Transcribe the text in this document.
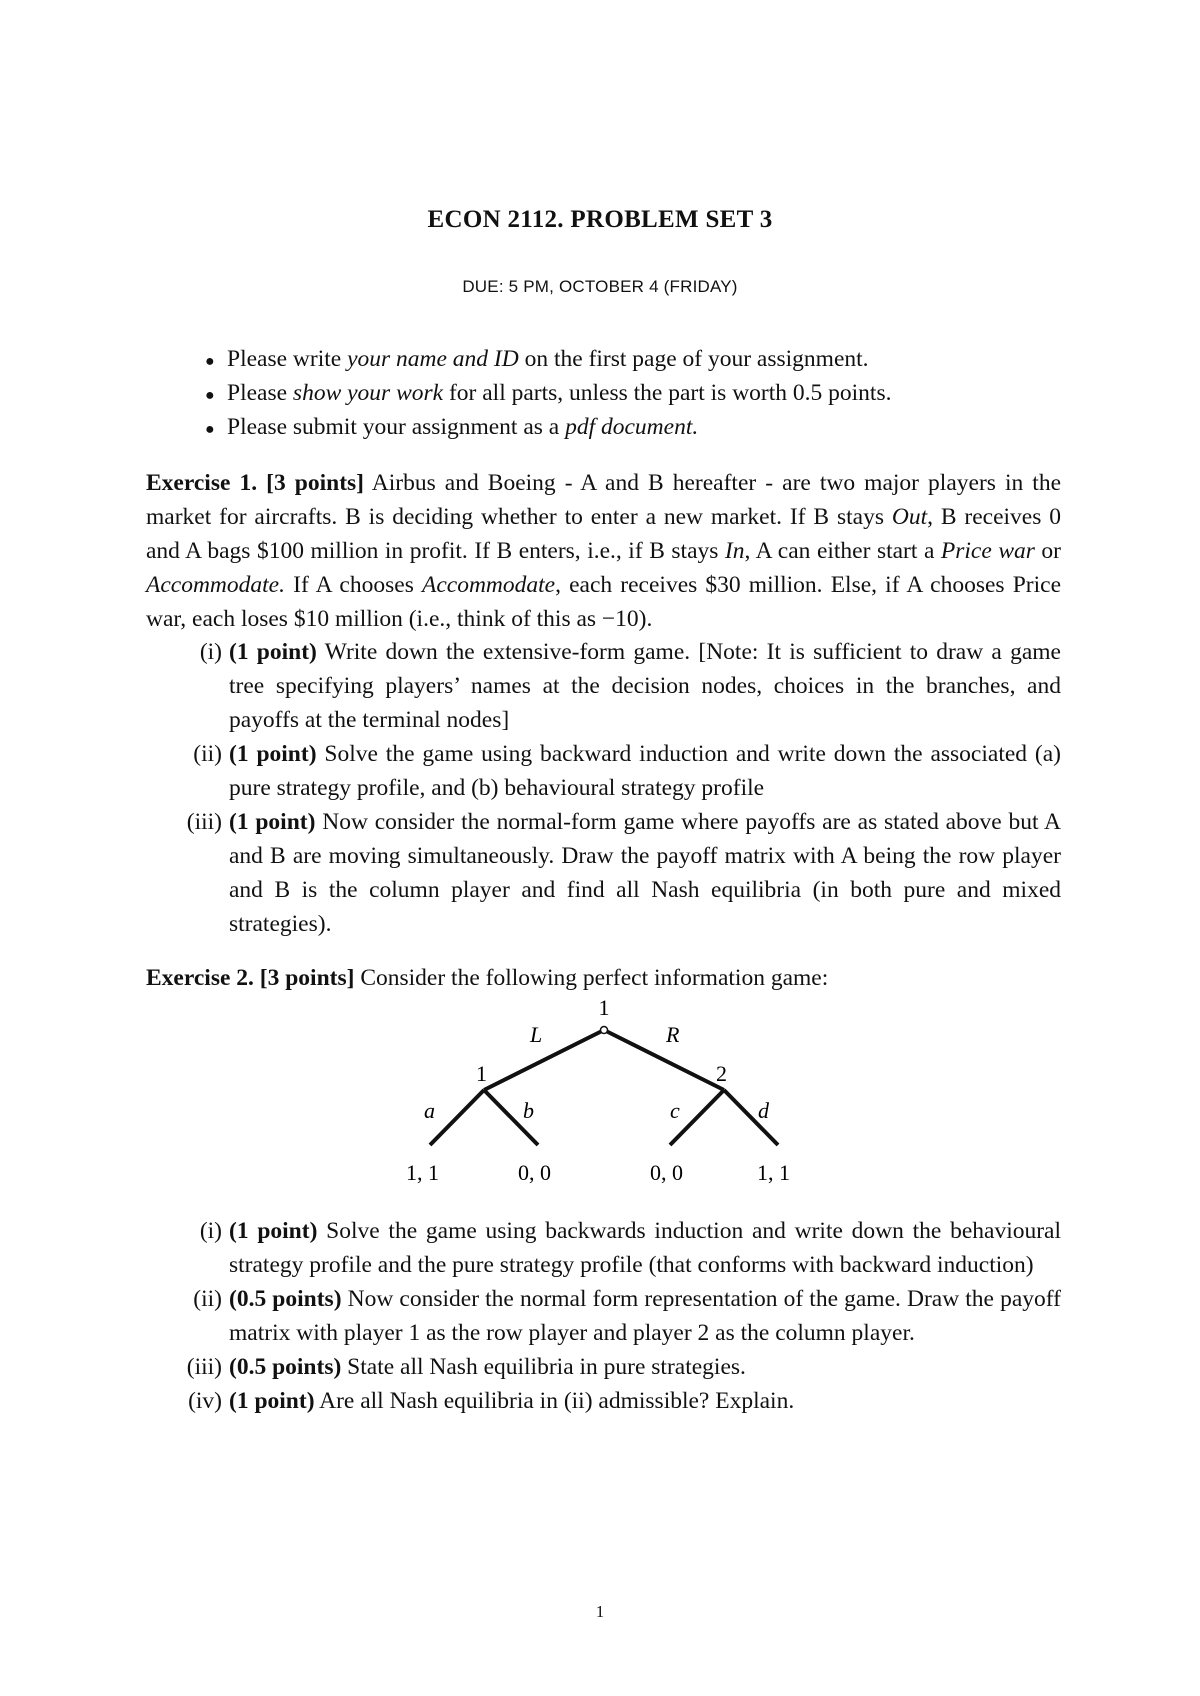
ECON 2112. PROBLEM SET 3
DUE: 5 PM, OCTOBER 4 (FRIDAY)
● Please write your name and ID on the first page of your assignment.
● Please show your work for all parts, unless the part is worth 0.5 points.
● Please submit your assignment as a pdf document.
Exercise 1. [3 points] Airbus and Boeing - A and B hereafter - are two major players in the market for aircrafts. B is deciding whether to enter a new market. If B stays Out, B receives 0 and A bags $100 million in profit. If B enters, i.e., if B stays In, A can either start a Price war or Accommodate. If A chooses Accommodate, each receives $30 million. Else, if A chooses Price war, each loses $10 million (i.e., think of this as −10).
(i) (1 point) Write down the extensive-form game. [Note: It is sufficient to draw a game tree specifying players’ names at the decision nodes, choices in the branches, and payoffs at the terminal nodes]
(ii) (1 point) Solve the game using backward induction and write down the associated (a) pure strategy profile, and (b) behavioural strategy profile
(iii) (1 point) Now consider the normal-form game where payoffs are as stated above but A and B are moving simultaneously. Draw the payoff matrix with A being the row player and B is the column player and find all Nash equilibria (in both pure and mixed strategies).
Exercise 2. [3 points] Consider the following perfect information game:
1
L	R
1	2
a	b	c	d
1, 1	0, 0	0, 0	1, 1
(i) (1 point) Solve the game using backwards induction and write down the behavioural strategy profile and the pure strategy profile (that conforms with backward induction)
(ii) (0.5 points) Now consider the normal form representation of the game. Draw the payoff matrix with player 1 as the row player and player 2 as the column player.
(iii) (0.5 points) State all Nash equilibria in pure strategies.
(iv) (1 point) Are all Nash equilibria in (ii) admissible? Explain.
1
